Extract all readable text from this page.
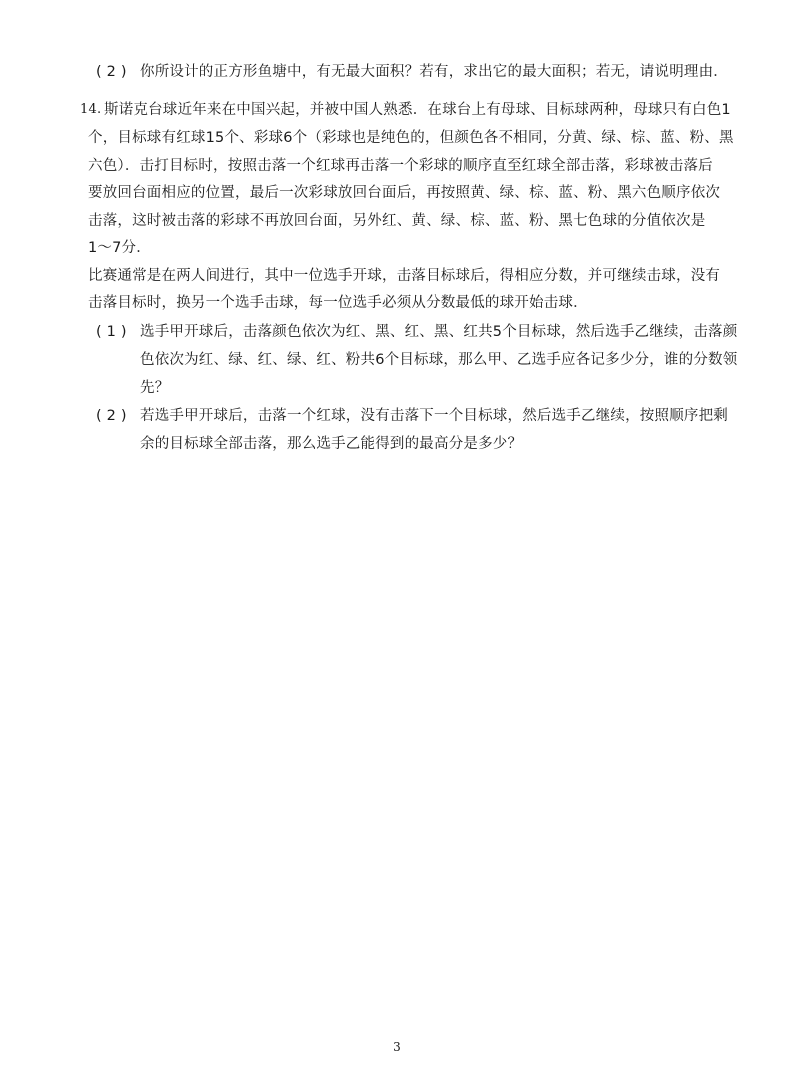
( 2 ) 你所设计的正方形鱼塘中，有无最大面积？若有，求出它的最大面积；若无，请说明理由．
14. 斯诺克台球近年来在中国兴起，并被中国人熟悉．在球台上有母球、目标球两种，母球只有白色1
个，目标球有红球15个、彩球6个（彩球也是纯色的，但颜色各不相同，分黄、绿、棕、蓝、粉、黑
六色）．击打目标时，按照击落一个红球再击落一个彩球的顺序直至红球全部击落，彩球被击落后
要放回台面相应的位置，最后一次彩球放回台面后，再按照黄、绿、棕、蓝、粉、黑六色顺序依次
击落，这时被击落的彩球不再放回台面，另外红、黄、绿、棕、蓝、粉、黑七色球的分值依次是
1～7分．
比赛通常是在两人间进行，其中一位选手开球，击落目标球后，得相应分数，并可继续击球，没有
击落目标时，换另一个选手击球，每一位选手必须从分数最低的球开始击球．
( 1 ) 选手甲开球后，击落颜色依次为红、黑、红、黑、红共5个目标球，然后选手乙继续，击落颜
色依次为红、绿、红、绿、红、粉共6个目标球，那么甲、乙选手应各记多少分，谁的分数领
先？
( 2 ) 若选手甲开球后，击落一个红球，没有击落下一个目标球，然后选手乙继续，按照顺序把剩
余的目标球全部击落，那么选手乙能得到的最高分是多少？
3
